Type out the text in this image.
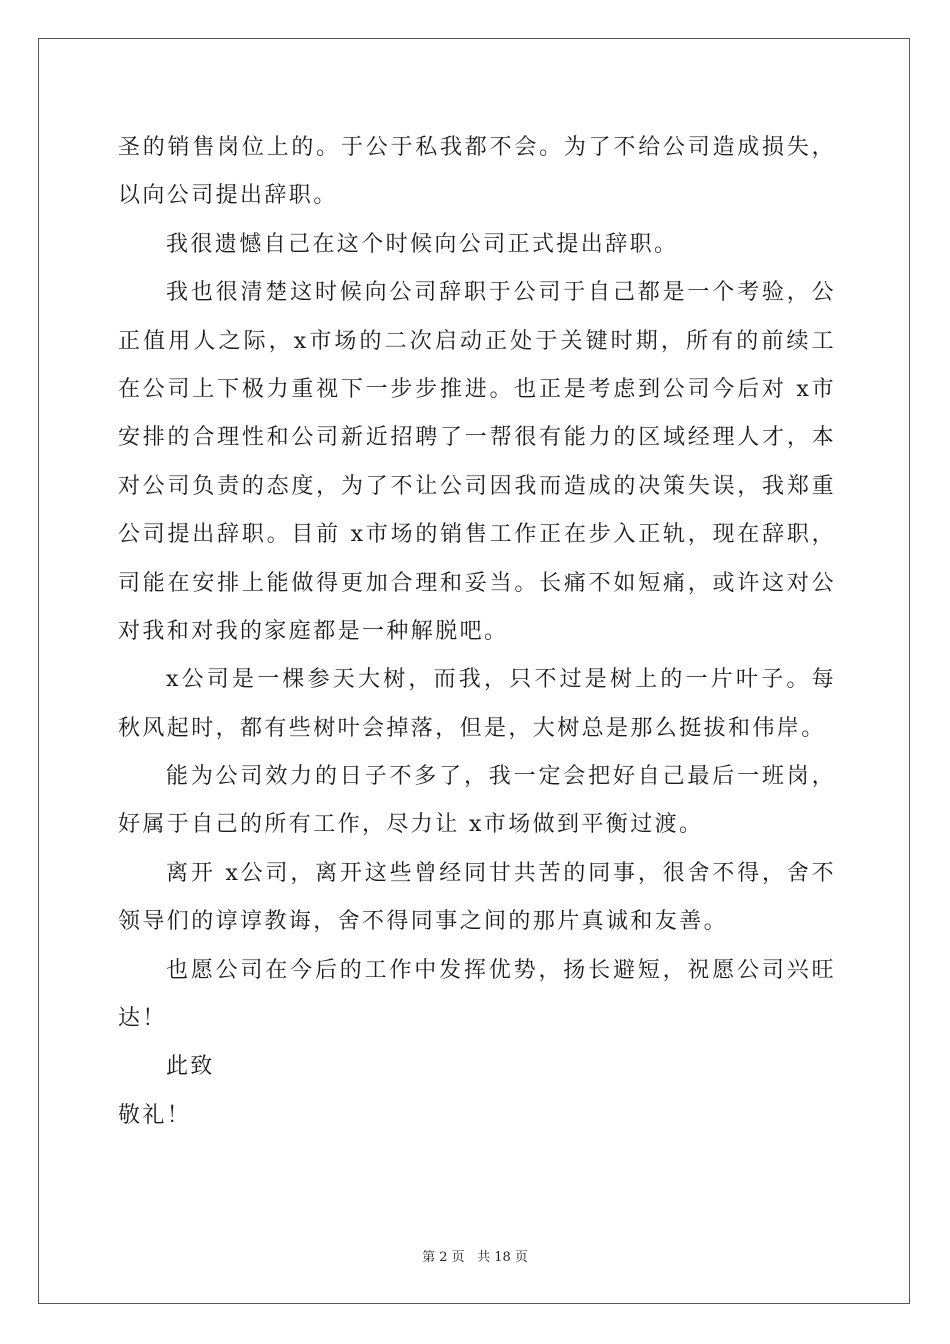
圣的销售岗位上的。于公于私我都不会。为了不给公司造成损失，
以向公司提出辞职。
我很遗憾自己在这个时候向公司正式提出辞职。
我也很清楚这时候向公司辞职于公司于自己都是一个考验，公
正值用人之际，x市场的二次启动正处于关键时期，所有的前续工
在公司上下极力重视下一步步推进。也正是考虑到公司今后对 x市
安排的合理性和公司新近招聘了一帮很有能力的区域经理人才，本
对公司负责的态度，为了不让公司因我而造成的决策失误，我郑重
公司提出辞职。目前 x市场的销售工作正在步入正轨，现在辞职，
司能在安排上能做得更加合理和妥当。长痛不如短痛，或许这对公
对我和对我的家庭都是一种解脱吧。
x公司是一棵参天大树，而我，只不过是树上的一片叶子。每
秋风起时，都有些树叶会掉落，但是，大树总是那么挺拔和伟岸。
能为公司效力的日子不多了，我一定会把好自己最后一班岗，
好属于自己的所有工作，尽力让 x市场做到平衡过渡。
离开 x公司，离开这些曾经同甘共苦的同事，很舍不得，舍不
领导们的谆谆教诲，舍不得同事之间的那片真诚和友善。
也愿公司在今后的工作中发挥优势，扬长避短，祝愿公司兴旺
达！
此致
敬礼！
第 2 页 共 18 页
